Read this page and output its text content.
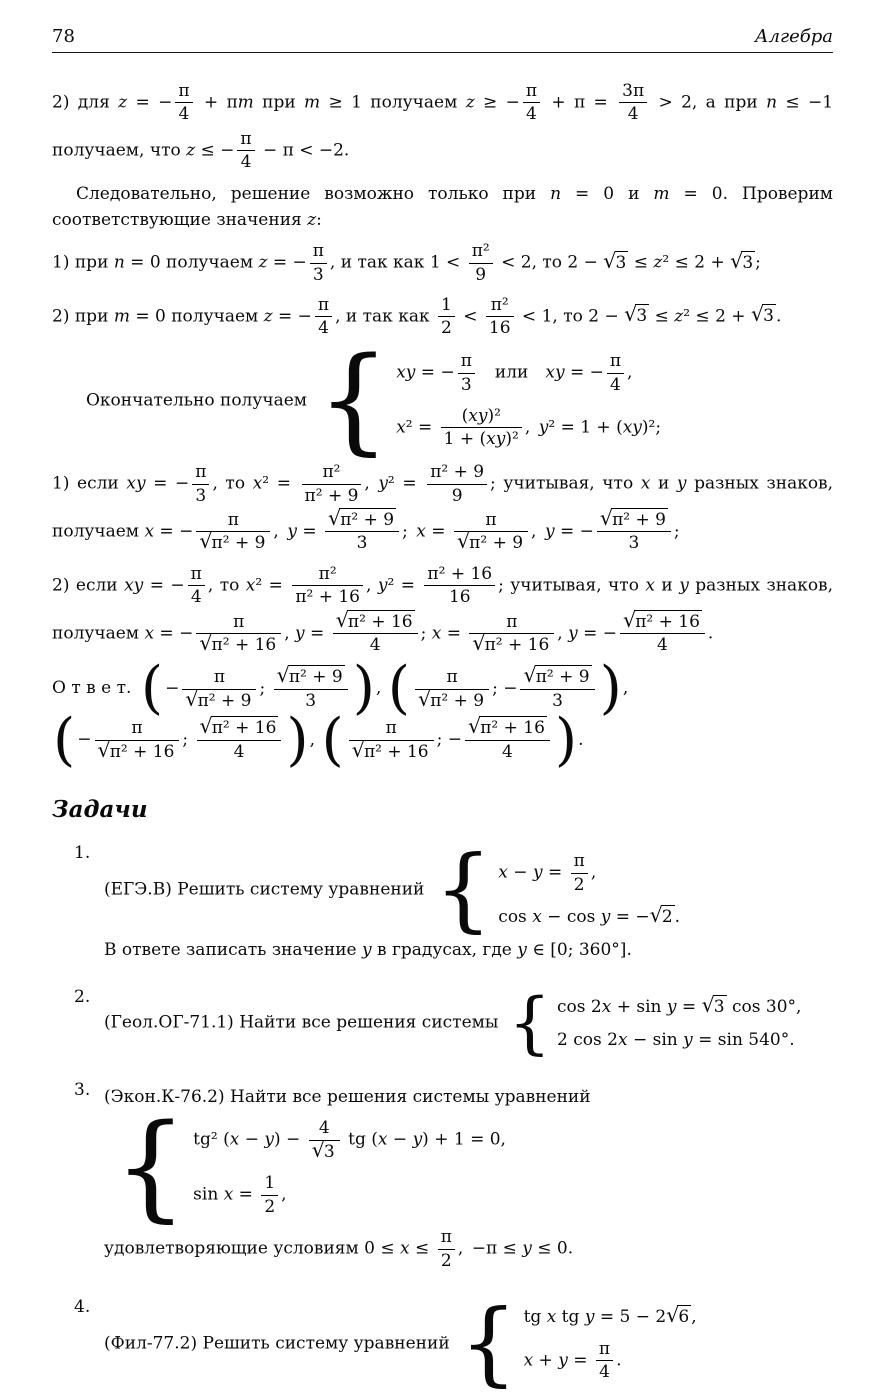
78	Алгебра
2) для z = − $\frac{\pi}{4} + \pi m$ при m ≥ 1 получаем z ≥ − $\frac{\pi}{4} + \pi = \frac{3\pi}{4} > 2$, а при n ≤ −1 получаем, что z ≤ − $\frac{\pi}{4} - \pi < -2$.
Следовательно, решение возможно только при n = 0 и m = 0. Проверим соответствующие значения z:
1) при n = 0 получаем z = − $\frac{\pi}{3}$ , и так как $1 < \frac{\text{π²}}{9} < 2$, то 2 − √3 ≤ z² ≤ 2 + √3 ;
2) при m = 0 получаем z = − $\frac{\pi}{4}$ , и так как $\frac{1}{2} < \frac{\text{π²}}{16} < 1$, то 2 − √3 ≤ z² ≤ 2 + √3 .
Окончательно получаем { xy = − $\frac{\pi}{3}$  или xy = − $\frac{\pi}{4}$ ,
$x^2 = \frac{\text{(xy)²}}{\text{1 + (xy)²}}$ , y² = 1 + (xy)²;
1) если xy = − $\frac{\pi}{3}$ , то $x^2 = \frac{\text{π²}}{\text{π² + 9}}$ , $y^2 = \frac{\text{π² + 9}}{9}$ ; учитывая, что x и y разных знаков, получаем x = − $\frac{\pi}{\text{√π² + 9}}$ , $y = \frac{\text{√π² + 9}}{3}$ ; $x = \frac{\pi}{\text{√π² + 9}}$ , y = − $\frac{\text{√π² + 9}}{3}$ ;
2) если xy = − $\frac{\pi}{4}$ , то $x^2 = \frac{\text{π²}}{\text{π² + 16}}$ , $y^2 = \frac{\text{π² + 16}}{16}$ ; учитывая, что x и y разных знаков, получаем x = − $\frac{\pi}{\text{√π² + 16}}$ , $y = \frac{\text{√π² + 16}}{4}$ ; $x = \frac{\pi}{\text{√π² + 16}}$ , y = − $\frac{\text{√π² + 16}}{4}$ .
О т в е т.  ( − $\frac{\pi}{\text{√π² + 9}}$ ; $\frac{\text{√π² + 9}}{3}$ ) , ( $\frac{\pi}{\text{√π² + 9}}$ ; − $\frac{\text{√π² + 9}}{3}$ ) ,
( − $\frac{\pi}{\text{√π² + 16}}$ ; $\frac{\text{√π² + 16}}{4}$ ) , ( $\frac{\pi}{\text{√π² + 16}}$ ; − $\frac{\text{√π² + 16}}{4}$ ) .
Задачи
1.
(ЕГЭ.В) Решить систему уравнений { $x - y = \frac{\pi}{2}$ ,
cos x − cos y = −√2 .
В ответе записать значение y в градусах, где y ∈ [0; 360°].
2.
(Геол.ОГ-71.1) Найти все решения системы { cos 2x + sin y = √3 cos 30°,
2 cos 2x − sin y = sin 540°.
3. (Экон.К-76.2) Найти все решения системы уравнений
{ tg² $(x - y) - \frac{4}{√3}$ tg (x − y) + 1 = 0,
$\sin x = \frac{1}{2}$ ,
удовлетворяющие условиям $0 \le x \le \frac{\pi}{2}$ , −π ≤ y ≤ 0.
4.
(Фил-77.2) Решить систему уравнений { tg x tg y = 5 − 2√6 ,
$x + y = \frac{\pi}{4}$ .
